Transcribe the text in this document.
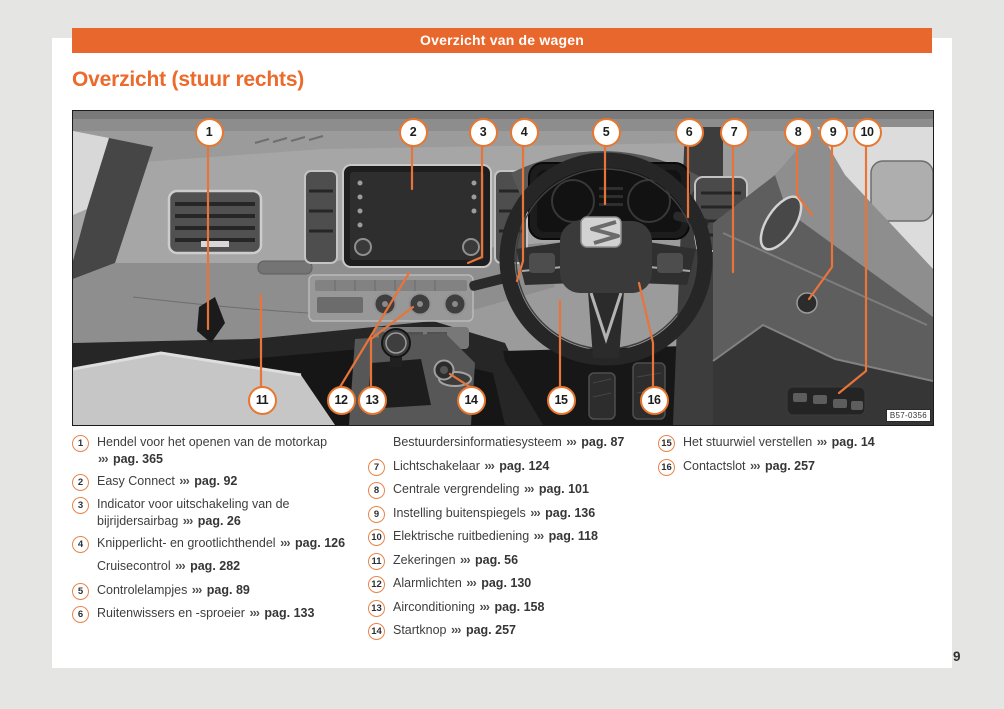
Overzicht van de wagen
Overzicht (stuur rechts)
1	2	3	4	5	6	7	8	9	10
11	12	13	14	15	16
B57-0356
1	Hendel voor het openen van de motorkap ››› pag. 365
2	Easy Connect ››› pag. 92
3	Indicator voor uitschakeling van de bijrijdersairbag ››› pag. 26
4	Knipperlicht- en grootlichthendel ››› pag. 126
Cruisecontrol ››› pag. 282
5	Controlelampjes ››› pag. 89
6	Ruitenwissers en -sproeier ››› pag. 133
Bestuurdersinformatiesysteem ››› pag. 87
7	Lichtschakelaar ››› pag. 124
8	Centrale vergrendeling ››› pag. 101
9	Instelling buitenspiegels ››› pag. 136
10 Elektrische ruitbediening ››› pag. 118
11 Zekeringen ››› pag. 56
12 Alarmlichten ››› pag. 130
13 Airconditioning ››› pag. 158
14 Startknop ››› pag. 257
15 Het stuurwiel verstellen ››› pag. 14
16 Contactslot ››› pag. 257
9
